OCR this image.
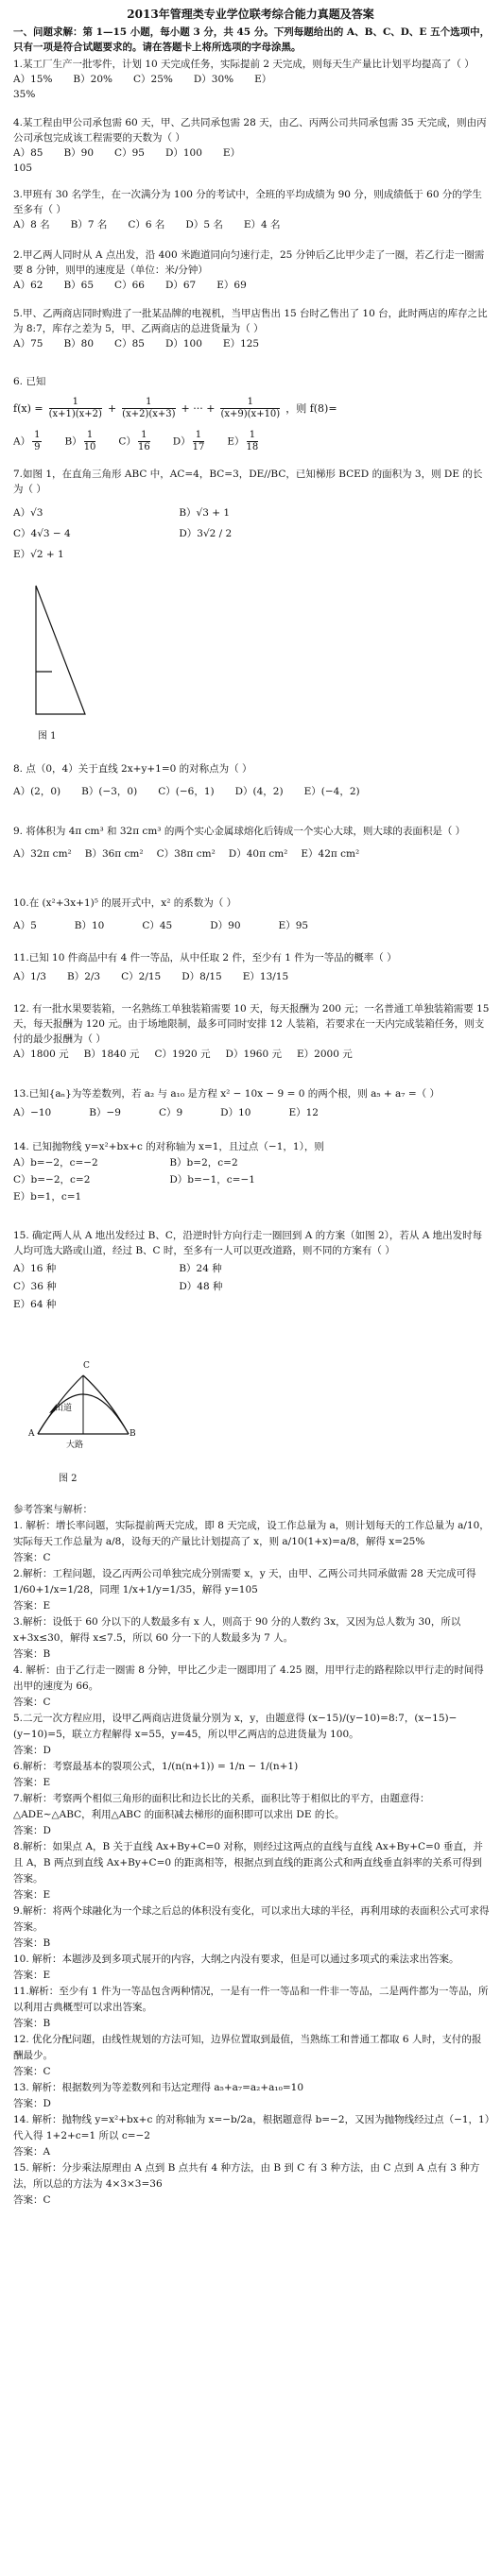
2013年管理类专业学位联考综合能力真题及答案
一、问题求解：第 1—15 小题，每小题 3 分，共 45 分。下列每题给出的 A、B、C、D、E 五个选项中，只有一项是符合试题要求的。请在答题卡上将所选项的字母涂黑。
1.某工厂生产一批零件，计划 10 天完成任务，实际提前 2 天完成，则每天生产量比计划平均提高了（ ）
A）15% B）20% C）25% D）30% E）
35%
4.某工程由甲公司承包需 60 天，甲、乙共同承包需 28 天，由乙、丙两公司共同承包需 35 天完成，则由丙公司承包完成该工程需要的天数为（ ）
A）85 B）90 C）95 D）100 E）
105
3.甲班有 30 名学生，在一次满分为 100 分的考试中，全班的平均成绩为 90 分，则成绩低于 60 分的学生至多有（ ）
A）8 名 B）7 名 C）6 名 D）5 名 E）4 名
2.甲乙两人同时从 A 点出发，沿 400 米跑道同向匀速行走，25 分钟后乙比甲少走了一圈，若乙行走一圈需要 8 分钟，则甲的速度是（单位：米/分钟）
A）62 B）65 C）66 D）67 E）69
5.甲、乙两商店同时购进了一批某品牌的电视机，当甲店售出 15 台时乙售出了 10 台，此时两店的库存之比为 8:7，库存之差为 5，甲、乙两商店的总进货量为（ ）
A）75 B）80 C）85 D）100 E）125
6. 已知
$f(x) = \frac{1}{(x+1)(x+2)} + \frac{1}{(x+2)(x+3)}$ + ··· + $\frac{1}{(x+9)(x+10)}$ ，则 f(8)=
$A) \frac{1}{9} B) \frac{1}{10} C) \frac{1}{16} D) \frac{1}{17} E) \frac{1}{18}$
7.如图 1，在直角三角形 ABC 中，AC=4，BC=3，DE//BC，已知梯形 BCED 的面积为 3，则 DE 的长为（ ）
A）√3	B）√3 + 1
C）4√3 − 4	D）3√2 / 2
E）√2 + 1
图 1
8. 点（0，4）关于直线 2x+y+1=0 的对称点为（ ）
A）(2，0) B）(−3，0) C）(−6，1) D）(4，2) E）(−4，2)
9. 将体积为 4π cm³ 和 32π cm³ 的两个实心金属球熔化后铸成一个实心大球，则大球的表面积是（ ）
A）32π cm² B）36π cm² C）38π cm² D）40π cm² E）42π cm²
10.在 (x²+3x+1)⁵ 的展开式中，x² 的系数为（ ）
A）5	B）10	C）45	D）90	E）95
11.已知 10 件商品中有 4 件一等品，从中任取 2 件，至少有 1 件为一等品的概率（ ）
A）1/3 B）2/3 C）2/15 D）8/15 E）13/15
12. 有一批水果要装箱，一名熟练工单独装箱需要 10 天，每天报酬为 200 元；一名普通工单独装箱需要 15 天，每天报酬为 120 元。由于场地限制，最多可同时安排 12 人装箱，若要求在一天内完成装箱任务，则支付的最少报酬为（ ）
A）1800 元 B）1840 元 C）1920 元 D）1960 元 E）2000 元
13.已知{aₙ}为等差数列，若 a₂ 与 a₁₀ 是方程 x² − 10x − 9 = 0 的两个根，则 a₅ + a₇ =（ ）
A）−10	B）−9	C）9	D）10	E）12
14. 已知抛物线 y=x²+bx+c 的对称轴为 x=1，且过点（−1，1），则
A）b=−2，c=−2	B）b=2，c=2
C）b=−2，c=2	D）b=−1，c=−1
E）b=1，c=1
15. 确定两人从 A 地出发经过 B、C，沿逆时针方向行走一圈回到 A 的方案（如图 2），若从 A 地出发时每人均可选大路或山道，经过 B、C 时，至多有一人可以更改道路，则不同的方案有（ ）
A）16 种	B）24 种
C）36 种	D）48 种
E）64 种
山道
大路
A	B
C
图 2

参考答案与解析：

1. 解析：增长率问题，实际提前两天完成，即 8 天完成，设工作总量为 a，则计划每天的工作总量为 a/10，实际每天工作总量为 a/8，设每天的产量比计划提高了 x，则 a/10(1+x)=a/8，解得 x=25%

答案：C

2.解析：工程问题，设乙丙两公司单独完成分别需要 x，y 天，由甲、乙两公司共同承做需 28 天完成可得 1/60+1/x=1/28，同理 1/x+1/y=1/35，解得 y=105

答案：E

3.解析：设低于 60 分以下的人数最多有 x 人，则高于 90 分的人数约 3x，又因为总人数为 30，所以 x+3x≤30，解得 x≤7.5，所以 60 分一下的人数最多为 7 人。

答案：B

4. 解析：由于乙行走一圈需 8 分钟，甲比乙少走一圈即用了 4.25 圈，用甲行走的路程除以甲行走的时间得出甲的速度为 66。

答案：C

5.二元一次方程应用，设甲乙两商店进货量分别为 x，y，由题意得 (x−15)/(y−10)=8:7，(x−15)−(y−10)=5，联立方程解得 x=55，y=45，所以甲乙两店的总进货量为 100。

答案：D

6.解析：考察最基本的裂项公式，1/(n(n+1)) = 1/n − 1/(n+1)

答案：E

7.解析：考察两个相似三角形的面积比和边长比的关系，面积比等于相似比的平方，由题意得：△ADE∼△ABC，利用△ABC 的面积减去梯形的面积即可以求出 DE 的长。

答案：D

8.解析：如果点 A，B 关于直线 Ax+By+C=0 对称，则经过这两点的直线与直线 Ax+By+C=0 垂直，并且 A，B 两点到直线 Ax+By+C=0 的距离相等，根据点到直线的距离公式和两直线垂直斜率的关系可得到答案。

答案：E

9.解析：将两个球融化为一个球之后总的体积没有变化，可以求出大球的半径，再利用球的表面积公式可求得答案。

答案：B

10. 解析：本题涉及到多项式展开的内容，大纲之内没有要求，但是可以通过多项式的乘法求出答案。

答案：E

11.解析：至少有 1 件为一等品包含两种情况，一是有一件一等品和一件非一等品，二是两件都为一等品，所以利用古典概型可以求出答案。

答案：B

12. 优化分配问题，由线性规划的方法可知，边界位置取到最值，当熟练工和普通工都取 6 人时，支付的报酬最少。

答案：C

13. 解析：根据数列为等差数列和韦达定理得 a₅+a₇=a₂+a₁₀=10

答案：D

14. 解析：抛物线 y=x²+bx+c 的对称轴为 x=−b/2a，根据题意得 b=−2，又因为抛物线经过点（−1，1）代入得 1+2+c=1 所以 c=−2

答案：A

15. 解析：分步乘法原理由 A 点到 B 点共有 4 种方法，由 B 到 C 有 3 种方法，由 C 点到 A 点有 3 种方法，所以总的方法为 4×3×3=36

答案：C
